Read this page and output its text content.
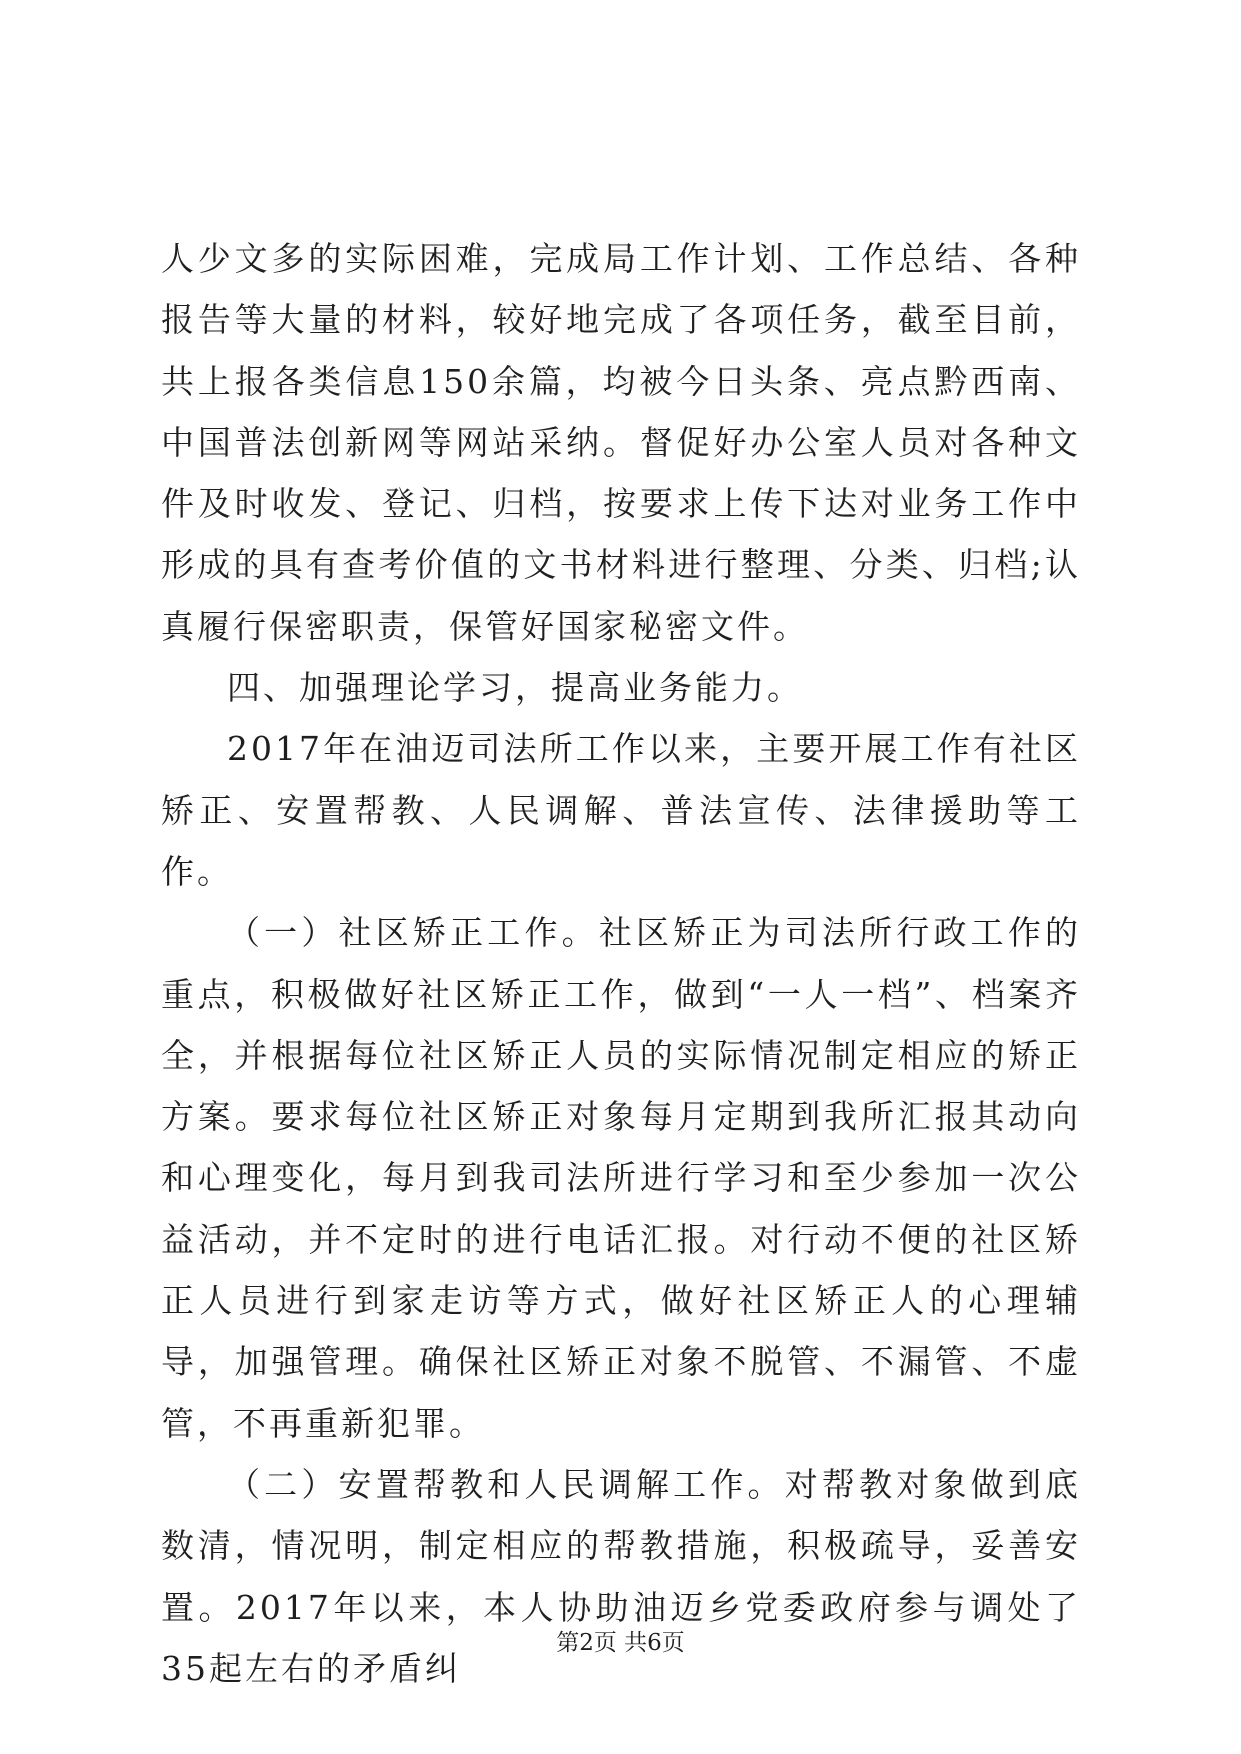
人少文多的实际困难，完成局工作计划、工作总结、各种报告等大量的材料，较好地完成了各项任务，截至目前，共上报各类信息150余篇，均被今日头条、亮点黔西南、中国普法创新网等网站采纳。督促好办公室人员对各种文件及时收发、登记、归档，按要求上传下达对业务工作中形成的具有查考价值的文书材料进行整理、分类、归档;认真履行保密职责，保管好国家秘密文件。

四、加强理论学习，提高业务能力。

2017年在油迈司法所工作以来，主要开展工作有社区矫正、安置帮教、人民调解、普法宣传、法律援助等工作。

（一）社区矫正工作。社区矫正为司法所行政工作的重点，积极做好社区矫正工作，做到“一人一档”、档案齐全，并根据每位社区矫正人员的实际情况制定相应的矫正方案。要求每位社区矫正对象每月定期到我所汇报其动向和心理变化，每月到我司法所进行学习和至少参加一次公益活动，并不定时的进行电话汇报。对行动不便的社区矫正人员进行到家走访等方式，做好社区矫正人的心理辅导，加强管理。确保社区矫正对象不脱管、不漏管、不虚管，不再重新犯罪。

（二）安置帮教和人民调解工作。对帮教对象做到底数清，情况明，制定相应的帮教措施，积极疏导，妥善安置。2017年以来，本人协助油迈乡党委政府参与调处了35起左右的矛盾纠

第2页 共6页
